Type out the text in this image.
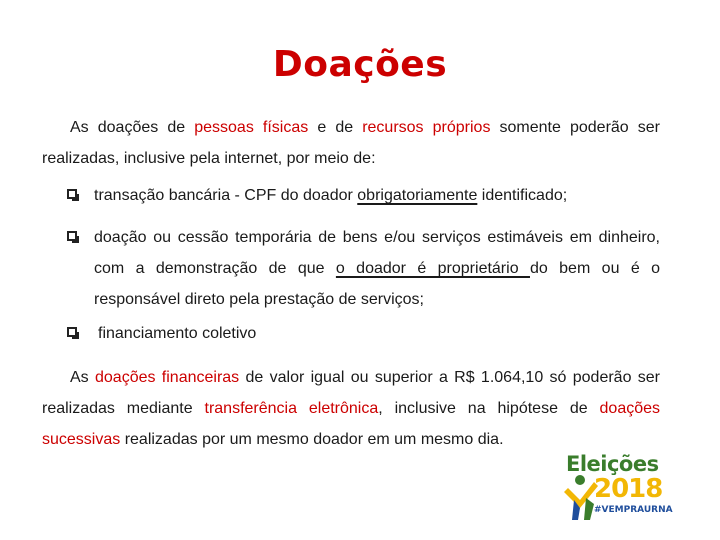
Doações
As doações de pessoas físicas e de recursos próprios somente poderão ser realizadas, inclusive pela internet, por meio de:
transação bancária - CPF do doador obrigatoriamente identificado;
doação ou cessão temporária de bens e/ou serviços estimáveis em dinheiro, com a demonstração de que o doador é proprietário do bem ou é o responsável direto pela prestação de serviços;
financiamento coletivo
As doações financeiras de valor igual ou superior a R$ 1.064,10 só poderão ser realizadas mediante transferência eletrônica, inclusive na hipótese de doações sucessivas realizadas por um mesmo doador em um mesmo dia.
Eleições
2018
#VEMPRAURNA
